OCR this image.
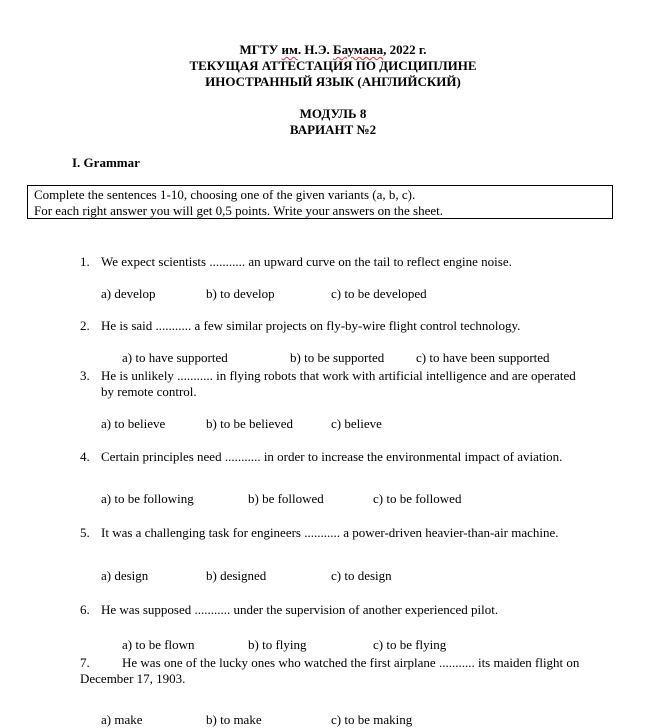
МГТУ им. Н.Э. Баумана, 2022 г.
ТЕКУЩАЯ АТТЕСТАЦИЯ ПО ДИСЦИПЛИНЕ
ИНОСТРАННЫЙ ЯЗЫК (АНГЛИЙСКИЙ)
МОДУЛЬ 8
ВАРИАНТ №2
I. Grammar
Complete the sentences 1-10, choosing one of the given variants (a, b, c).
For each right answer you will get 0,5 points. Write your answers on the sheet.
1. We expect scientists ........... an upward curve on the tail to reflect engine noise.
a) develop	b) to develop	c) to be developed
2. He is said ........... a few similar projects on fly-by-wire flight control technology.
a) to have supported	b) to be supported c) to have been supported
3. He is unlikely ........... in flying robots that work with artificial intelligence and are operated
by remote control.
a) to believe	b) to be believed	c) believe
4. Certain principles need ........... in order to increase the environmental impact of aviation.
a) to be following	b) be followed	c) to be followed
5. It was a challenging task for engineers ........... a power-driven heavier-than-air machine.
a) design	b) designed	c) to design
6. He was supposed ........... under the supervision of another experienced pilot.
a) to be flown	b) to flying	c) to be flying
7. He was one of the lucky ones who watched the first airplane ........... its maiden flight on
December 17, 1903.
a) make	b) to make	c) to be making
